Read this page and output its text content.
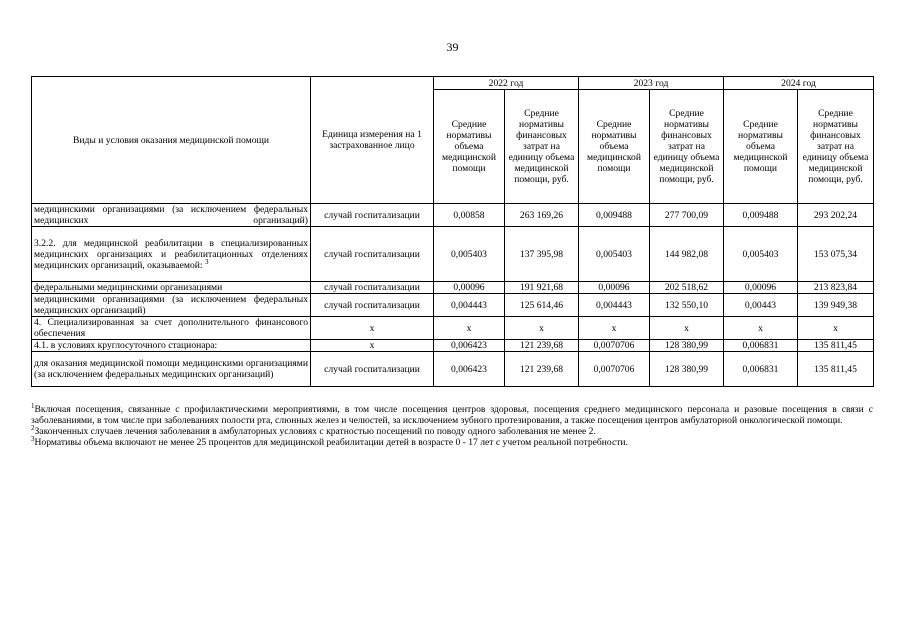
39
Виды и условия оказания медицинской помощи	Единица измерения на 1 застрахованное лицо	2022 год		2023 год		2024 год	
		Средние нормативы объема медицинской помощи	Средние нормативы финансовых затрат на единицу объема медицинской помощи, руб.	Средние нормативы объема медицинской помощи	Средние нормативы финансовых затрат на единицу объема медицинской помощи, руб.	Средние нормативы объема медицинской помощи	Средние нормативы финансовых затрат на единицу объема медицинской помощи, руб.
медицинскими организациями (за исключением федеральных медицинских организаций)	случай госпитализации	0,00858	263 169,26	0,009488	277 700,09	0,009488	293 202,24
3.2.2. для медицинской реабилитации в специализированных медицинских организациях и реабилитационных отделениях медицинских организаций, оказываемой: $^3$	случай госпитализации	0,005403	137 395,98	0,005403	144 982,08	0,005403	153 075,34
федеральными медицинскими организациями	случай госпитализации	0,00096	191 921,68	0,00096	202 518,62	0,00096	213 823,84
медицинскими организациями (за исключением федеральных медицинских организаций)	случай госпитализации	0,004443	125 614,46	0,004443	132 550,10	0,00443	139 949,38
4. Специализированная за счет дополнительного финансового обеспечения	х	х	х	х	х	х	х
4.1. в условиях круглосуточного стационара:	х	0,006423	121 239,68	0,0070706	128 380,99	0,006831	135 811,45
для оказания медицинской помощи медицинскими организациями (за исключением федеральных медицинских организаций)	случай госпитализации	0,006423	121 239,68	0,0070706	128 380,99	0,006831	135 811,45

$^1$Включая посещения, связанные с профилактическими мероприятиями, в том числе посещения центров здоровья, посещения среднего медицинского персонала и разовые посещения в связи с заболеваниями, в том числе при заболеваниях полости рта, слюнных желез и челюстей, за исключением зубного протезирования, а также посещения центров амбулаторной онкологической помощи.

$^2$Законченных случаев лечения заболевания в амбулаторных условиях с кратностью посещений по поводу одного заболевания не менее 2.

$^3$Нормативы объема включают не менее 25 процентов для медицинской реабилитации детей в возрасте 0 - 17 лет с учетом реальной потребности.
